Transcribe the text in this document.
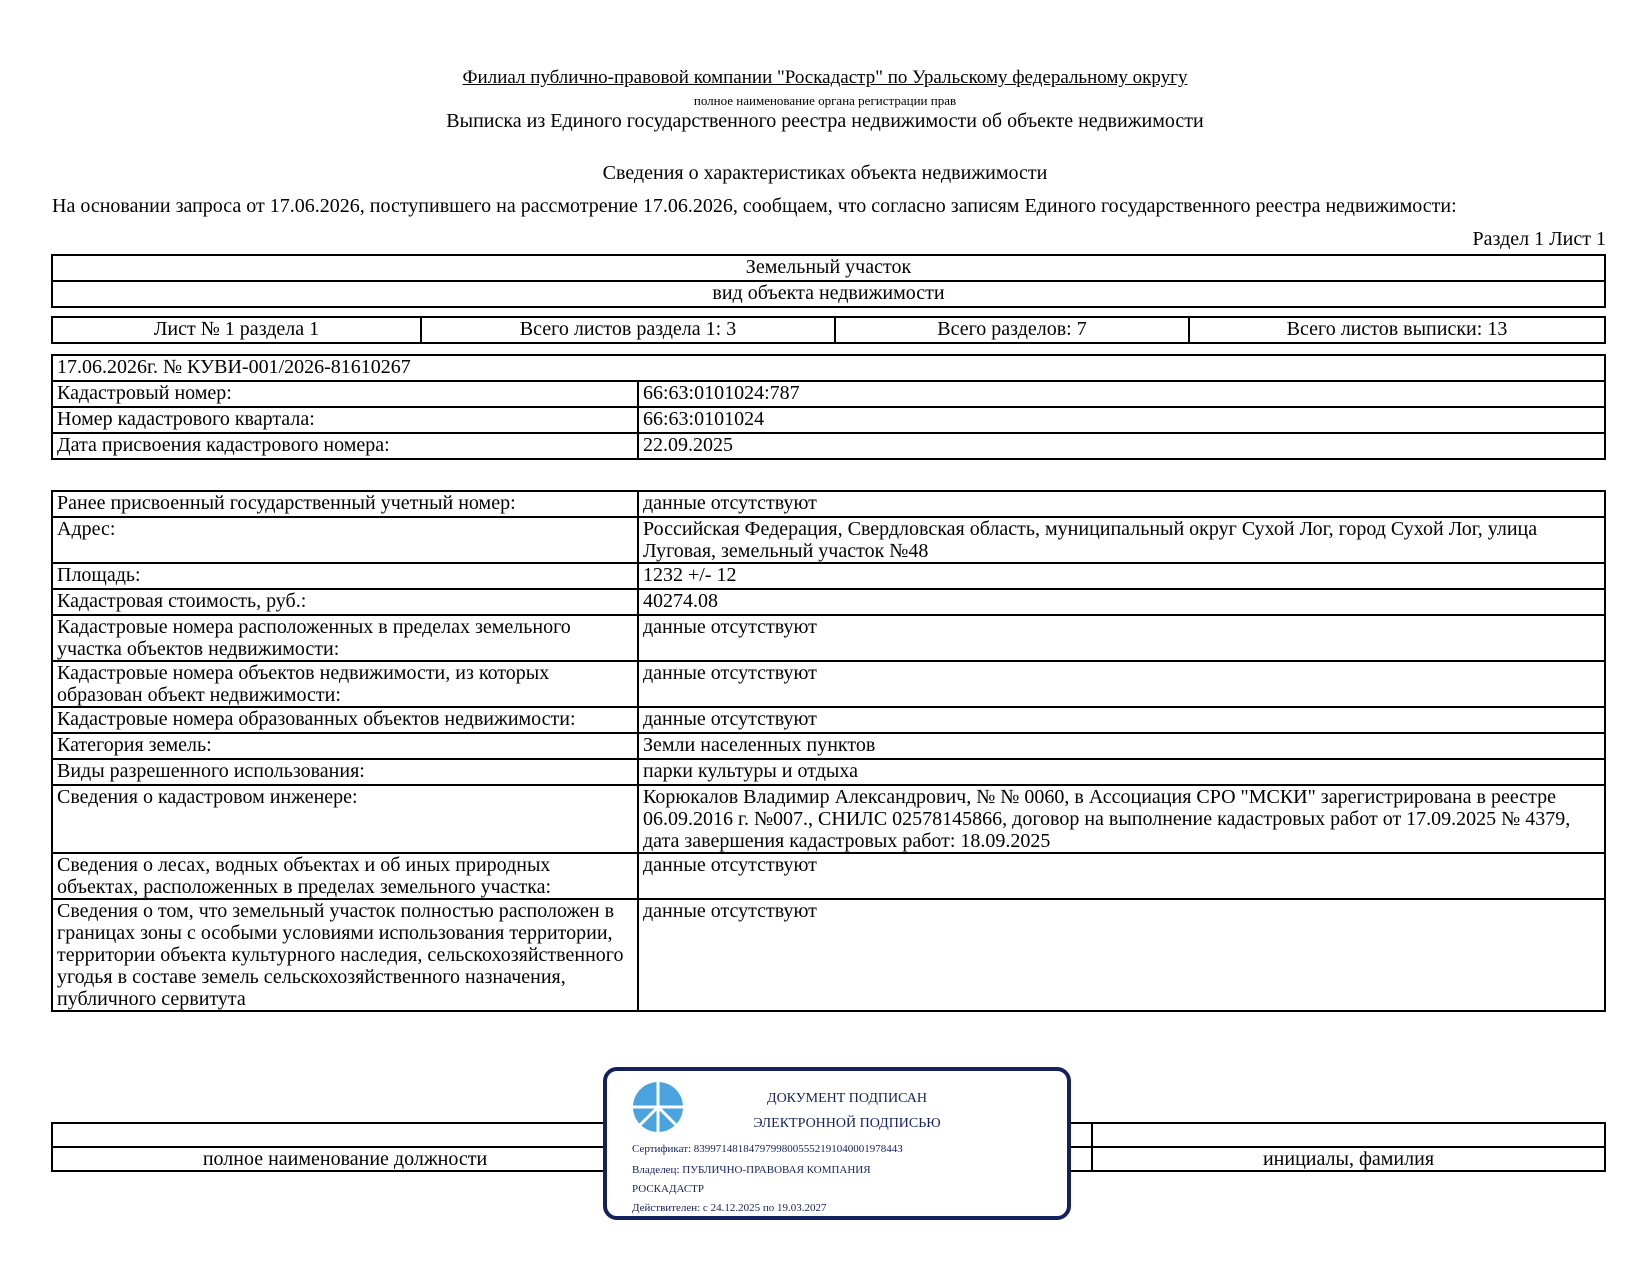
Филиал публично-правовой компании "Роскадастр" по Уральскому федеральному округу
полное наименование органа регистрации прав
Выписка из Единого государственного реестра недвижимости об объекте недвижимости
Сведения о характеристиках объекта недвижимости
На основании запроса от 17.06.2026, поступившего на рассмотрение 17.06.2026, сообщаем, что согласно записям Единого государственного реестра недвижимости:
Раздел 1 Лист 1
Земельный участок
вид объекта недвижимости
Лист № 1 раздела 1	Всего листов раздела 1: 3	Всего разделов: 7	Всего листов выписки: 13
17.06.2026г. № КУВИ-001/2026-81610267	
Кадастровый номер:	66:63:0101024:787
Номер кадастрового квартала:	66:63:0101024
Дата присвоения кадастрового номера:	22.09.2025
Ранее присвоенный государственный учетный номер:	данные отсутствуют
Адрес:	Российская Федерация, Свердловская область, муниципальный округ Сухой Лог, город Сухой Лог, улица Луговая, земельный участок №48
Площадь:	1232 +/- 12
Кадастровая стоимость, руб.:	40274.08
Кадастровые номера расположенных в пределах земельного участка объектов недвижимости:	данные отсутствуют
Кадастровые номера объектов недвижимости, из которых образован объект недвижимости:	данные отсутствуют
Кадастровые номера образованных объектов недвижимости:	данные отсутствуют
Категория земель:	Земли населенных пунктов
Виды разрешенного использования:	парки культуры и отдыха
Сведения о кадастровом инженере:	Корюкалов Владимир Александрович, № № 0060, в Ассоциация СРО "МСКИ" зарегистрирована в реестре 06.09.2016 г. №007., СНИЛС 02578145866, договор на выполнение кадастровых работ от 17.09.2025 № 4379, дата завершения кадастровых работ: 18.09.2025
Сведения о лесах, водных объектах и об иных природных объектах, расположенных в пределах земельного участка:	данные отсутствуют
Сведения о том, что земельный участок полностью расположен в границах зоны с особыми условиями использования территории, территории объекта культурного наследия, сельскохозяйственного угодья в составе земель сельскохозяйственного назначения, публичного сервитута	данные отсутствуют

полное наименование должности		инициалы, фамилия
ДОКУМЕНТ ПОДПИСАН
ЭЛЕКТРОННОЙ ПОДПИСЬЮ
Сертификат: 8399714818479799800555219104000197844З
Владелец: ПУБЛИЧНО-ПРАВОВАЯ КОМПАНИЯ
РОСКАДАСТР
Действителен: с 24.12.2025 по 19.03.2027
